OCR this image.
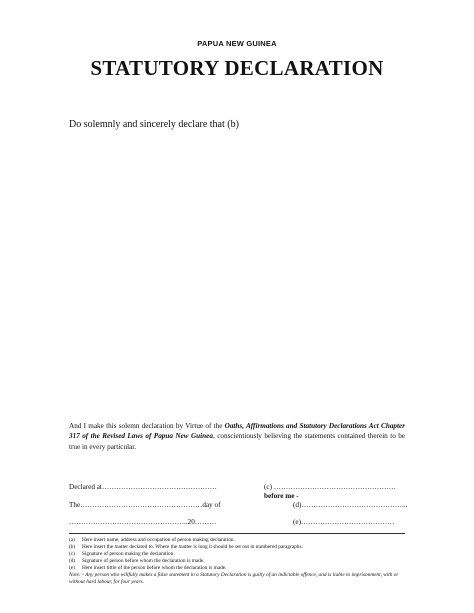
PAPUA NEW GUINEA
STATUTORY DECLARATION
Do solemnly and sincerely declare that (b)
And I make this solemn declaration by Virtue of the Oaths, Affirmations and Statutory Declarations Act Chapter 317 of the Revised Laws of Papua New Guinea, conscientiously believing the statements contained therein to be true in every particular.
Declared at…………………………………………	(c) ……………………………………………
before me -
The……………………………………………day of	(d)……………………………………...
…………………………………………..20………	(e)…………………………………
(a)	Here insert name, address and occupation of person making declaration.
(b)	Here insert the matter declared to. Where the matter is long it should be set out in numbered paragraphs.
(c)	Signature of person making the declaration.
(d)	Signature of person before whom the declaration is made.
(e)	Here insert tittle of the person before whom the declaration is made.
Note: - Any person who willfully makes a false statement in a Statutory Declaration is guilty of an indictable offence, and is liable to imprisonment, with or without hard labour, for four years.
